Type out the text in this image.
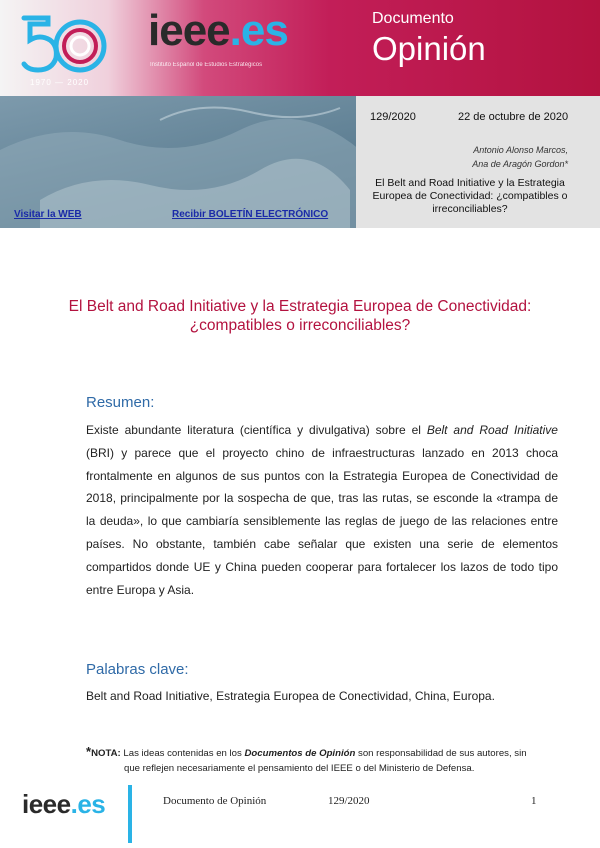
1970 — 2020
ieee.es
Instituto Español de Estudios Estratégicos
Documento
Opinión
129/2020	22 de octubre de 2020
Antonio Alonso Marcos,
Ana de Aragón Gordon*
El Belt and Road Initiative y la Estrategia Europea de Conectividad: ¿compatibles o irreconciliables?
Visitar la WEB	Recibir BOLETÍN ELECTRÓNICO
El Belt and Road Initiative y la Estrategia Europea de Conectividad: ¿compatibles o irreconciliables?
Resumen:
Existe abundante literatura (científica y divulgativa) sobre el Belt and Road Initiative (BRI) y parece que el proyecto chino de infraestructuras lanzado en 2013 choca frontalmente en algunos de sus puntos con la Estrategia Europea de Conectividad de 2018, principalmente por la sospecha de que, tras las rutas, se esconde la «trampa de la deuda», lo que cambiaría sensiblemente las reglas de juego de las relaciones entre países. No obstante, también cabe señalar que existen una serie de elementos compartidos donde UE y China pueden cooperar para fortalecer los lazos de todo tipo entre Europa y Asia.
Palabras clave:
Belt and Road Initiative, Estrategia Europea de Conectividad, China, Europa.
*NOTA: Las ideas contenidas en los Documentos de Opinión son responsabilidad de sus autores, sin
que reflejen necesariamente el pensamiento del IEEE o del Ministerio de Defensa.
ieee.es	Documento de Opinión	129/2020	1
